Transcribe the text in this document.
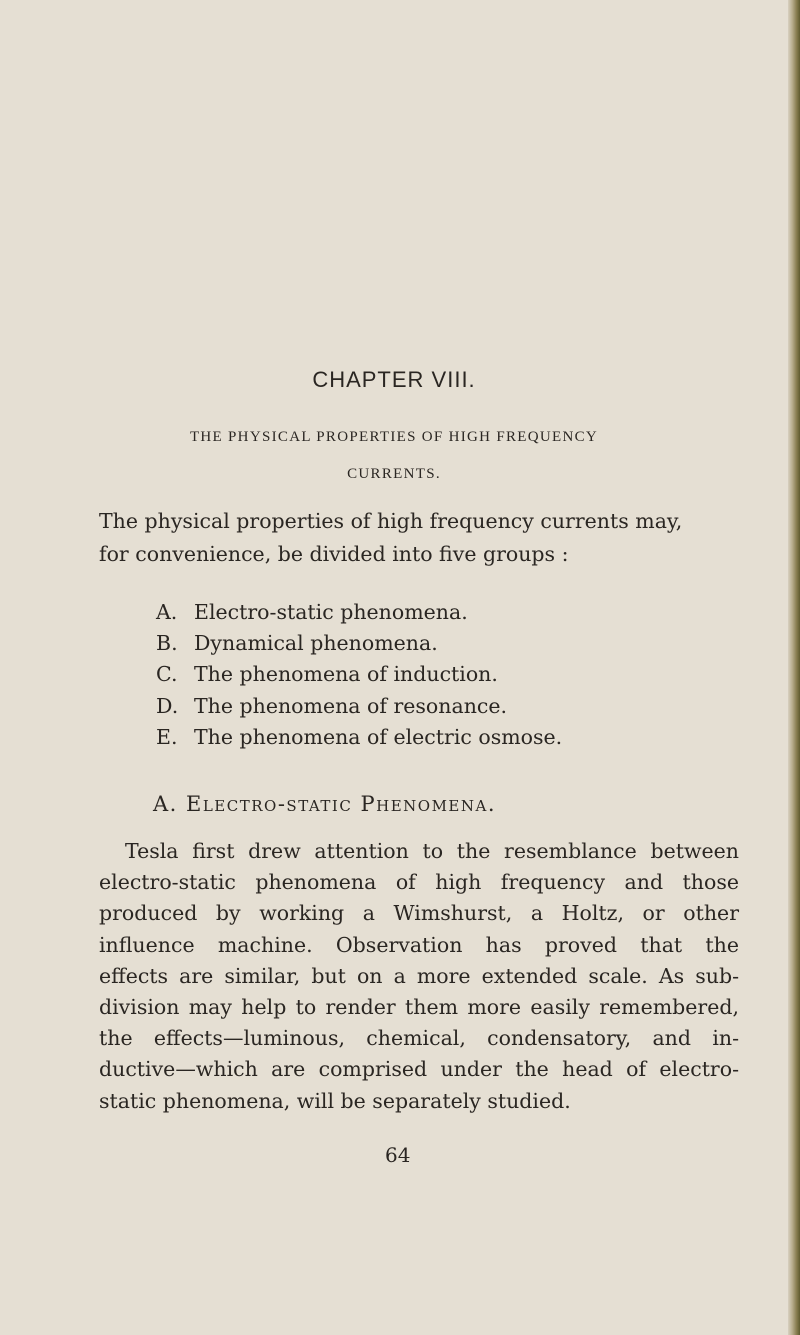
CHAPTER VIII.
THE PHYSICAL PROPERTIES OF HIGH FREQUENCY
CURRENTS.
The physical properties of high frequency currents may,
for convenience, be divided into five groups :
A. Electro-static phenomena.
B. Dynamical phenomena.
C. The phenomena of induction.
D. The phenomena of resonance.
E. The phenomena of electric osmose.
A. Electro-static Phenomena.
Tesla first drew attention to the resemblance between
electro-static phenomena of high frequency and those
produced by working a Wimshurst, a Holtz, or other
influence machine. Observation has proved that the
effects are similar, but on a more extended scale. As sub-
division may help to render them more easily remembered,
the effects—luminous, chemical, condensatory, and in-
ductive—which are comprised under the head of electro-
static phenomena, will be separately studied.
64
